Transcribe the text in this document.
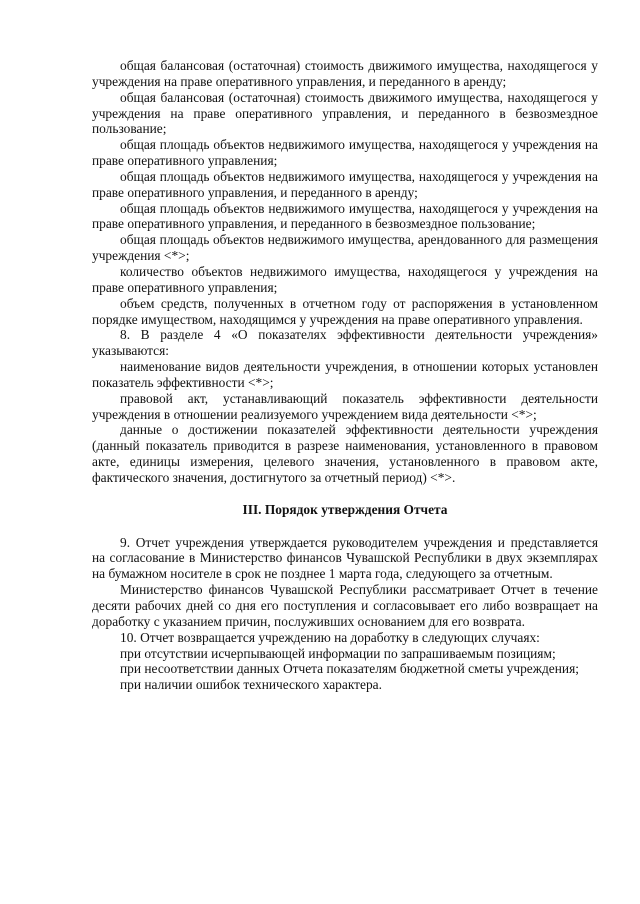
общая балансовая (остаточная) стоимость движимого имущества, находящегося у учреждения на праве оперативного управления, и переданного в аренду;

общая балансовая (остаточная) стоимость движимого имущества, находящегося у учреждения на праве оперативного управления, и переданного в безвозмездное пользование;

общая площадь объектов недвижимого имущества, находящегося у учреждения на праве оперативного управления;

общая площадь объектов недвижимого имущества, находящегося у учреждения на праве оперативного управления, и переданного в аренду;

общая площадь объектов недвижимого имущества, находящегося у учреждения на праве оперативного управления, и переданного в безвозмездное пользование;

общая площадь объектов недвижимого имущества, арендованного для размещения учреждения <*>;

количество объектов недвижимого имущества, находящегося у учреждения на праве оперативного управления;

объем средств, полученных в отчетном году от распоряжения в установленном порядке имуществом, находящимся у учреждения на праве оперативного управления.

8. В разделе 4 «О показателях эффективности деятельности учреждения» указываются:

наименование видов деятельности учреждения, в отношении которых установлен показатель эффективности <*>;

правовой акт, устанавливающий показатель эффективности деятельности учреждения в отношении реализуемого учреждением вида деятельности <*>;

данные о достижении показателей эффективности деятельности учреждения (данный показатель приводится в разрезе наименования, установленного в правовом акте, единицы измерения, целевого значения, установленного в правовом акте, фактического значения, достигнутого за отчетный период) <*>.

III. Порядок утверждения Отчета

9. Отчет учреждения утверждается руководителем учреждения и представляется на согласование в Министерство финансов Чувашской Республики в двух экземплярах на бумажном носителе в срок не позднее 1 марта года, следующего за отчетным.

Министерство финансов Чувашской Республики рассматривает Отчет в течение десяти рабочих дней со дня его поступления и согласовывает его либо возвращает на доработку с указанием причин, послуживших основанием для его возврата.

10. Отчет возвращается учреждению на доработку в следующих случаях:

при отсутствии исчерпывающей информации по запрашиваемым позициям;

при несоответствии данных Отчета показателям бюджетной сметы учреждения;

при наличии ошибок технического характера.
